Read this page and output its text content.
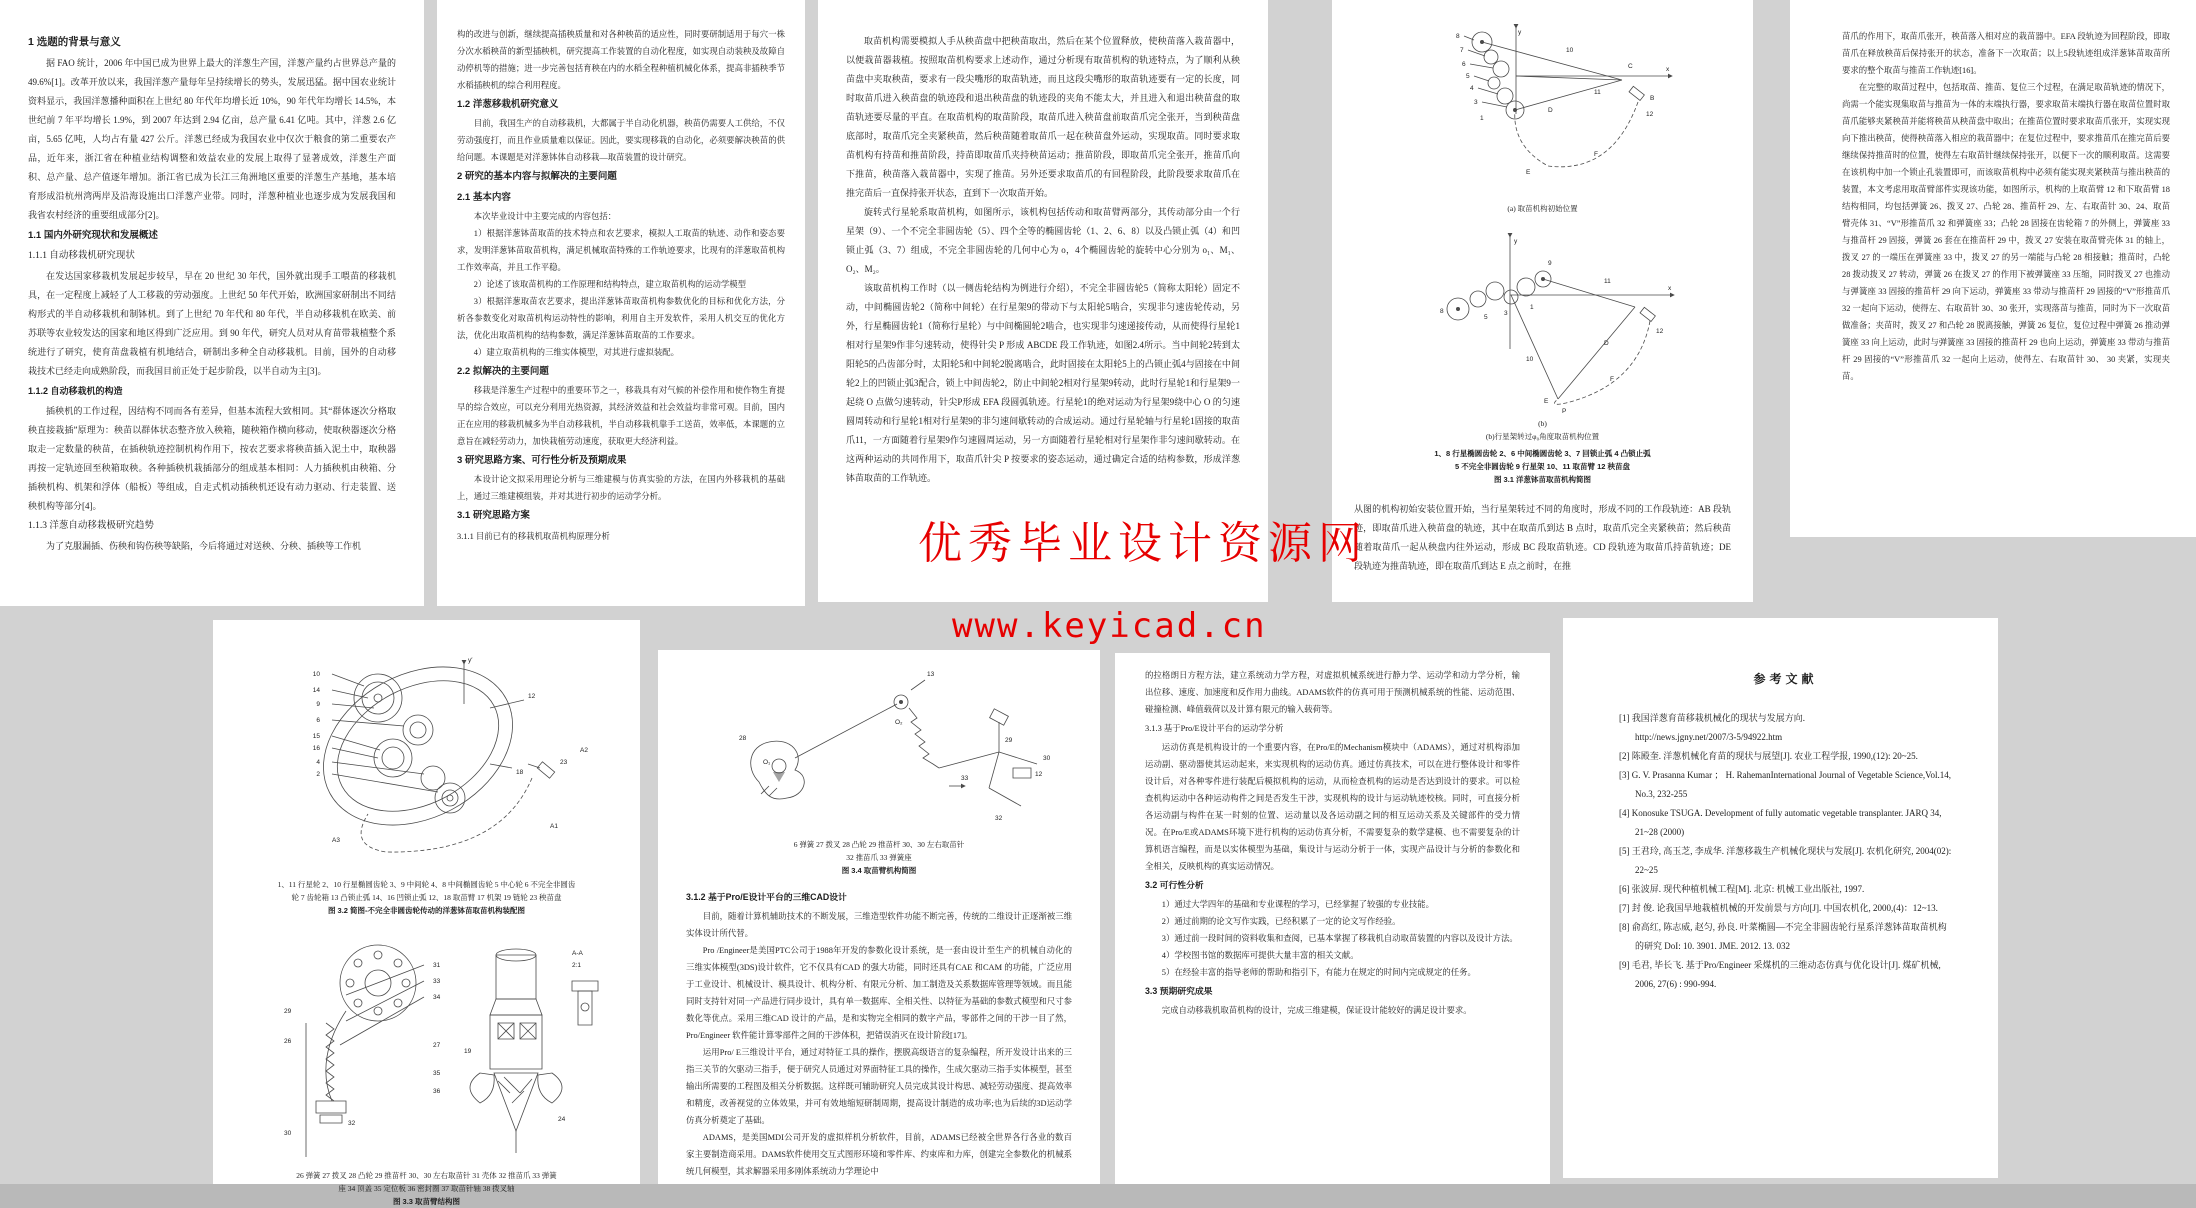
1 选题的背景与意义

据 FAO 统计，2006 年中国已成为世界上最大的洋葱生产国，洋葱产量约占世界总产量的 49.6%[1]。改革开放以来，我国洋葱产量每年呈持续增长的势头，发展迅猛。据中国农业统计资料显示，我国洋葱播种面积在上世纪 80 年代年均增长近 10%，90 年代年均增长 14.5%，本世纪前 7 年平均增长 1.9%，到 2007 年达到 2.94 亿亩，总产量 6.41 亿吨。其中，洋葱 2.6 亿亩，5.65 亿吨，人均占有量 427 公斤。洋葱已经成为我国农业中仅次于粮食的第二重要农产品，近年来，浙江省在种植业结构调整和效益农业的发展上取得了显著成效，洋葱生产面积、总产量、总产值逐年增加。浙江省已成为长江三角洲地区重要的洋葱生产基地，基本培育形成沿杭州湾两岸及沿海设施出口洋葱产业带。同时，洋葱种植业也逐步成为发展我国和我省农村经济的重要组成部分[2]。

1.1 国内外研究现状和发展概述
1.1.1 自动移栽机研究现状

在发达国家移栽机发展起步较早，早在 20 世纪 30 年代，国外就出现手工喂苗的移栽机具，在一定程度上减轻了人工移栽的劳动强度。上世纪 50 年代开始，欧洲国家研制出不同结构形式的半自动移栽机和制钵机。到了上世纪 70 年代和 80 年代，半自动移栽机在欧美、前苏联等农业较发达的国家和地区得到广泛应用。到 90 年代，研究人员对从育苗带栽植整个系统进行了研究，使育苗盘栽植有机地结合，研制出多种全自动移栽机。目前，国外的自动移栽技术已经走向成熟阶段，而我国目前正处于起步阶段，以半自动为主[3]。

1.1.2 自动移栽机的构造

插秧机的工作过程，因结构不同而各有差异，但基本流程大致相同。其“群体逐次分格取秧直接栽插”原理为：秧苗以群体状态整齐放入秧箱，随秧箱作横向移动，使取秧器逐次分格取走一定数量的秧苗，在插秧轨迹控制机构作用下，按农艺要求将秧苗插入泥土中，取秧器再按一定轨迹回至秧箱取秧。各种插秧机栽插部分的组成基本相同：人力插秧机由秧箱、分插秧机构、机架和浮体（船板）等组成，自走式机动插秧机还设有动力驱动、行走装置、送秧机构等部分[4]。

1.1.3 洋葱自动移栽极研究趋势

为了克服漏插、伤秧和钩伤秧等缺陷，今后将通过对送秧、分秧、插秧等工作机

构的改进与创新，继续提高插秧质量和对各种秧苗的适应性，同时要研制适用于每穴一株分次水稻秧苗的新型插秧机，研究提高工作装置的自动化程度，如实现自动装秧及故障自动停机等的措施；进一步完善包括育秧在内的水稻全程种植机械化体系，提高非插秧季节水稻插秧机的综合利用程度。

1.2 洋葱移栽机研究意义

目前，我国生产的自动移栽机，大都属于半自动化机器，秧苗仍需要人工供给，不仅劳动强度打，而且作业质量难以保证。因此，要实现移栽的自动化，必须要解决秧苗的供给问题。本课题是对洋葱钵体自动移栽—取苗装置的设计研究。

2 研究的基本内容与拟解决的主要问题
2.1 基本内容

本次毕业设计中主要完成的内容包括：

1）根据洋葱钵苗取苗的技术特点和农艺要求，模拟人工取苗的轨迹、动作和姿态要求，发明洋葱钵苗取苗机构，满足机械取苗特殊的工作轨迹要求，比现有的洋葱取苗机构工作效率高，并且工作平稳。

2）论述了该取苗机构的工作原理和结构特点，建立取苗机构的运动学模型

3）根据洋葱取苗农艺要求，提出洋葱钵苗取苗机构参数优化的目标和优化方法，分析各参数变化对取苗机构运动特性的影响，利用自主开发软件，采用人机交互的优化方法，优化出取苗机构的结构参数，满足洋葱钵苗取苗的工作要求。

4）建立取苗机构的三维实体模型，对其进行虚拟装配。

2.2 拟解决的主要问题

移栽是洋葱生产过程中的重要环节之一，移栽具有对气候的补偿作用和使作物生育提早的综合效应，可以充分利用光热资源，其经济效益和社会效益均非常可观。目前，国内正在应用的移栽机械多为半自动移栽机，半自动移栽机靠手工送苗，效率低，本课题的立意旨在减轻劳动力，加快栽植劳动速度，获取更大经济利益。

3 研究思路方案、可行性分析及预期成果

本设计论文拟采用理论分析与三维建模与仿真实验的方法，在国内外移栽机的基础上，通过三维建模组装，并对其进行初步的运动学分析。

3.1 研究思路方案
3.1.1 目前已有的移栽机取苗机构原理分析

取苗机构需要模拟人手从秧苗盘中把秧苗取出，然后在某个位置释放，使秧苗落入栽苗器中，以便栽苗器栽植。按照取苗机构要求上述动作，通过分析现有取苗机构的轨迹特点，为了顺利从秧苗盘中夹取秧苗，要求有一段尖嘴形的取苗轨迹，而且这段尖嘴形的取苗轨迹要有一定的长度，同时取苗爪进入秧苗盘的轨迹段和退出秧苗盘的轨迹段的夹角不能太大，并且进入和退出秧苗盘的取苗轨迹要尽量的平直。在取苗机构的取苗阶段，取苗爪进入秧苗盘前取苗爪完全张开，当到秧苗盘底部时，取苗爪完全夹紧秧苗，然后秧苗随着取苗爪一起在秧苗盘外运动，实现取苗。同时要求取苗机构有持苗和推苗阶段，持苗即取苗爪夹持秧苗运动；推苗阶段，即取苗爪完全张开，推苗爪向下推苗，秧苗落入栽苗器中，实现了推苗。另外还要求取苗爪的有回程阶段，此阶段要求取苗爪在推完苗后一直保持张开状态，直到下一次取苗开始。

旋转式行星轮系取苗机构，如图所示，该机构包括传动和取苗臂两部分，其传动部分由一个行星架（9）、一个不完全非圆齿轮（5）、四个全等的椭圆齿轮（1、2、6、8）以及凸锁止弧（4）和凹锁止弧（3、7）组成，不完全非圆齿轮的几何中心为 o，4个椭圆齿轮的旋转中心分别为 o₁、M₁、O₂、M₂。

该取苗机构工作时（以一侧齿轮结构为例进行介绍），不完全非圆齿轮5（简称太阳轮）固定不动，中间椭圆齿轮2（简称中间轮）在行星架9的带动下与太阳轮5啮合，实现非匀速齿轮传动，另外，行星椭圆齿轮1（简称行星轮）与中间椭圆轮2啮合，也实现非匀速递接传动，从而使得行星轮1相对行星架9作非匀速转动，使得针尖 P 形成 ABCDE 段工作轨迹，如图2.4所示。当中间轮2转到太阳轮5的凸齿部分时，太阳轮5和中间轮2脱离啮合，此时固接在太阳轮5上的凸锁止弧4与固接在中间轮2上的凹锁止弧3配合，锁上中间齿轮2，防止中间轮2相对行星架9转动，此时行星轮1和行星架9一起绕 O 点做匀速转动，针尖P形成 EFA 段圆弧轨迹。行星轮1的绝对运动为行星架9绕中心 O 的匀速圆周转动和行星轮1相对行星架9的非匀速间歇转动的合成运动。通过行星轮轴与行星轮1固接的取苗爪11，一方面随着行星架9作匀速圆周运动，另一方面随着行星轮相对行星架作非匀速间歇转动。在这两种运动的共同作用下，取苗爪针尖 P 按要求的姿态运动，通过确定合适的结构参数，形成洋葱钵苗取苗的工作轨迹。

y
x
8
7
6
5
4
3
1
10
11
12
C
B
D
F
E
(a) 取苗机构初始位置
y
x
9
8
5
3
1
11
12
10
D
F
P
E
(b)
(b)行星架转过φ₀角度取苗机构位置
1、8 行星椭圆齿轮 2、6 中间椭圆齿轮 3、7 回锁止弧 4 凸锁止弧
5 不完全非圆齿轮 9 行星架 10、11 取苗臂 12 秧苗盘
图 3.1 洋葱钵苗取苗机构简图

从图的机构初始安装位置开始，当行星架转过不同的角度时，形成不同的工作段轨迹：AB 段轨迹，即取苗爪进入秧苗盘的轨迹，其中在取苗爪到达 B 点时，取苗爪完全夹紧秧苗；然后秧苗随着取苗爪一起从秧盘内往外运动，形成 BC 段取苗轨迹。CD 段轨迹为取苗爪持苗轨迹；DE 段轨迹为推苗轨迹，即在取苗爪到达 E 点之前时，在推

苗爪的作用下，取苗爪张开，秧苗落入相对应的栽苗器中。EFA 段轨迹为回程阶段，即取苗爪在释放秧苗后保持张开的状态，准备下一次取苗；以上5段轨迹组成洋葱钵苗取苗所要求的整个取苗与推苗工作轨迹[16]。

在完整的取苗过程中，包括取苗、推苗、复位三个过程，在满足取苗轨迹的情况下，尚需一个能实现集取苗与推苗为一体的末端执行器，要求取苗末端执行器在取苗位置时取苗爪能够夹紧秧苗并能将秧苗从秧苗盘中取出；在推苗位置时要求取苗爪张开，实现实现向下推出秧苗，使得秧苗落入相应的栽苗器中；在复位过程中，要求推苗爪在推完苗后要继续保持推苗时的位置，使得左右取苗针继续保持张开，以便下一次的顺利取苗。这需要在该机构中加一个锁止孔装置即可，而该取苗机构中必须有能实现夹紧秧苗与推出秧苗的装置，本文考虑用取苗臂部件实现该功能，如图所示，机构的上取苗臂 12 和下取苗臂 18 结构相同，均包括弹簧 26、拨叉 27、凸轮 28、推苗杆 29、左、右取苗针 30、24、取苗臂壳体 31、“V”形推苗爪 32 和弹簧座 33；凸轮 28 固接在齿轮箱 7 的外侧上，弹簧座 33 与推苗杆 29 固接，弹簧 26 套在在推苗杆 29 中，拨叉 27 安装在取苗臂壳体 31 的轴上，拨叉 27 的一端压在弹簧座 33 中，拨叉 27 的另一端能与凸轮 28 相接触；推苗时，凸轮 28 拨动拨叉 27 转动，弹簧 26 在拨叉 27 的作用下被弹簧座 33 压缩，同时拨叉 27 也推动与弹簧座 33 固接的推苗杆 29 向下运动，弹簧座 33 带动与推苗杆 29 固接的“V”形推苗爪 32 一起向下运动，使得左、右取苗针 30、30 张开，实现落苗与推苗，同时为下一次取苗做准备；夹苗时，拨叉 27 和凸轮 28 脱离接触，弹簧 26 复位，复位过程中弹簧 26 推动弹簧座 33 向上运动，此时与弹簧座 33 固接的推苗杆 29 也向上运动，弹簧座 33 带动与推苗杆 29 固接的“V”形推苗爪 32 一起向上运动，使得左、右取苗针 30、 30 夹紧，实现夹苗。

10
14
9
6
15
16
4
2
y′
12
18
23
A2
A1
A3
1、11 行星轮 2、10 行星椭圆齿轮 3、9 中间轮 4、8 中间椭圆齿轮 5 中心轮 6 不完全非圆齿
轮 7 齿轮箱 13 凸锁止弧 14、16 凹锁止弧 12、18 取苗臂 17 机架 19 链轮 23 秧苗盘
图 3.2 简图-不完全非圆齿轮传动的洋葱钵苗取苗机构装配图
31
33
34
26
29
30
32
27
35
36
24
19
A-A
2:1
26 弹簧 27 拨叉 28 凸轮 29 推苗杆 30、30 左右取苗针 31 壳体 32 推苗爪 33 弹簧
座 34 顶盖 35 定位板 36 密封圈 37 取苗针轴 38 拨叉轴
图 3.3 取苗臂结构图
13
28
O₁
O₂
29
30
12
33
32
6 弹簧 27 拨叉 28 凸轮 29 推苗杆 30、30 左右取苗针
32 推苗爪 33 弹簧座
图 3.4 取苗臂机构简图
3.1.2 基于Pro/E设计平台的三维CAD设计

目前，随着计算机辅助技术的不断发展，三维造型软件功能不断完善，传统的二维设计正逐渐被三维实体设计所代替。

Pro /Engineer是美国PTC公司于1988年开发的参数化设计系统，是一套由设计至生产的机械自动化的三维实体模型(3DS)设计软件，它不仅具有CAD 的强大功能，同时还具有CAE 和CAM 的功能，广泛应用于工业设计、机械设计、模具设计、机构分析、有限元分析、加工制造及关系数据库管理等领域。而且能同时支持针对同一产品进行同步设计，具有单一数据库、全相关性、以特征为基础的参数式模型和尺寸参数化等优点。采用三维CAD 设计的产品，是和实物完全相同的数字产品，零部件之间的干涉一目了然，Pro/Engineer 软件能计算零部件之间的干涉体积，把错误消灭在设计阶段[17]。

运用Pro/ E三维设计平台，通过对特征工具的操作，摆脱高级语言的复杂编程，所开发设计出来的三指三关节的欠驱动三指手，便于研究人员通过对界面特征工具的操作，生成欠驱动三指手实体模型，甚至输出所需要的工程图及相关分析数据。这样既可辅助研究人员完成其设计构思、减轻劳动强度、提高效率和精度，改善视觉的立体效果，并可有效地缩短研制周期，提高设计制造的成功率;也为后续的3D运动学仿真分析奠定了基础。

ADAMS，是美国MDI公司开发的虚拟样机分析软件，目前，ADAMS已经被全世界各行各业的数百家主要制造商采用。DAMS软件使用交互式图形环境和零件库、约束库和力库，创建完全参数化的机械系统几何模型，其求解器采用多刚体系统动力学理论中

的拉格朗日方程方法，建立系统动力学方程，对虚拟机械系统进行静力学、运动学和动力学分析，输出位移、速度、加速度和反作用力曲线。ADAMS软件的仿真可用于预测机械系统的性能、运动范围、碰撞检测、峰值载荷以及计算有限元的输入载荷等。

3.1.3 基于Pro/E设计平台的运动学分析

运动仿真是机构设计的一个重要内容，在Pro/E的Mechanism模块中（ADAMS），通过对机构添加运动副、驱动器使其运动起来，来实现机构的运动仿真。通过仿真技术，可以在进行整体设计和零件设计后，对各种零件进行装配后模拟机构的运动，从而检查机构的运动是否达到设计的要求。可以检查机构运动中各种运动构件之间是否发生干涉，实现机构的设计与运动轨迹校核。同时，可直接分析各运动副与构件在某一时刻的位置、运动量以及各运动副之间的相互运动关系及关键部件的受力情况。在Pro/E或ADAMS环境下进行机构的运动仿真分析，不需要复杂的数学建模、也不需要复杂的计算机语言编程，而是以实体模型为基础，集设计与运动分析于一体，实现产品设计与分析的参数化和全相关，反映机构的真实运动情况。

3.2 可行性分析

1）通过大学四年的基础和专业课程的学习，已经掌握了较强的专业技能。

2）通过前期的论文写作实践，已经积累了一定的论文写作经验。

3）通过前一段时间的资料收集和查阅，已基本掌握了移栽机自动取苗装置的内容以及设计方法。

4）学校图书馆的数据库可提供大量丰富的相关文献。

5）在经验丰富的指导老师的帮助和指引下，有能力在规定的时间内完成规定的任务。

3.3 预期研究成果

完成自动移栽机取苗机构的设计，完成三维建模，保证设计能较好的满足设计要求。

参考文献

[1] 我国洋葱育苗移栽机械化的现状与发展方向.
http://news.jgny.net/2007/3-5/94922.htm

[2] 陈殿奎. 洋葱机械化育苗的现状与展望[J]. 农业工程学报, 1990,(12): 20~25.

[3] G. V. Prasanna Kumar ； H. RahemanInternational Journal of Vegetable Science,Vol.14, No.3, 232-255

[4] Konosuke TSUGA. Development of fully automatic vegetable transplanter. JARQ 34, 21~28 (2000)

[5] 王君玲, 高玉芝, 李成华. 洋葱移栽生产机械化现状与发展[J]. 农机化研究, 2004(02): 22~25

[6] 张波屏. 现代种植机械工程[M]. 北京: 机械工业出版社, 1997.

[7] 封 俊. 论我国旱地栽植机械的开发前景与方向[J]. 中国农机化, 2000,(4)：12~13.

[8] 俞高红, 陈志威, 赵匀, 孙良. 叶菜椭圆—不完全非圆齿轮行星系洋葱钵苗取苗机构的研究 DoI: 10. 3901. JME. 2012. 13. 032

[9] 毛君, 毕长飞. 基于Pro/Engineer 采煤机的三维动态仿真与优化设计[J]. 煤矿机械, 2006, 27(6) : 990-994.

优秀毕业设计资源网
www.keyicad.cn
